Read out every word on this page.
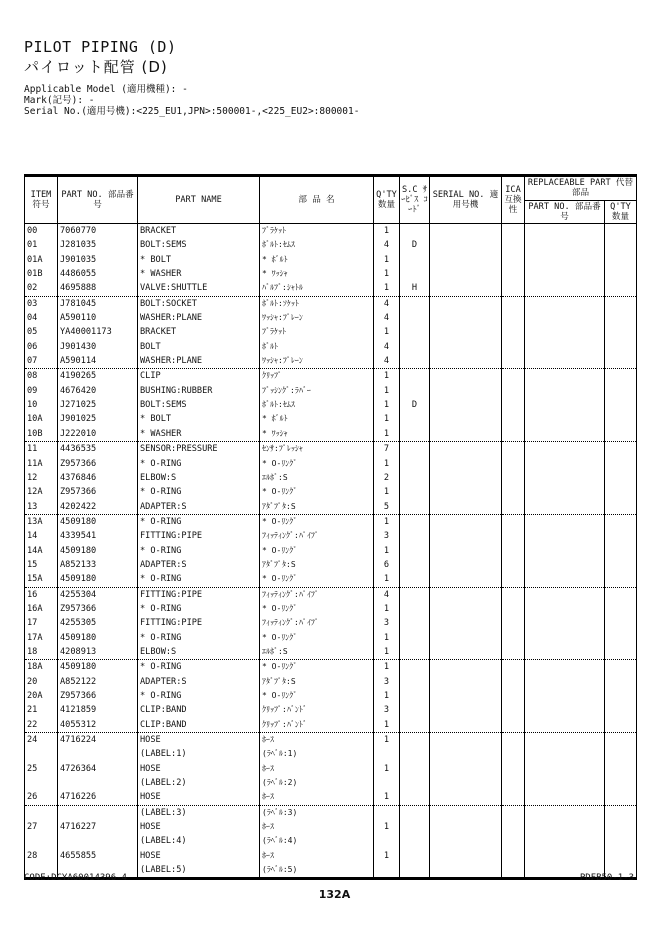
PILOT PIPING (D)
パイロット配管 (D)
Applicable Model (適用機種): -
Mark(記号): -
Serial No.(適用号機):<225_EU1,JPN>:500001-,<225_EU2>:800001-
ITEM 符号	PART NO. 部品番号	PART NAME	部 品 名	Q'TY 数量	S.C ｻｰﾋﾞｽ ｺｰﾄﾞ	SERIAL NO. 適用号機	ICA 互換性	REPLACEABLE PART 代替部品	
								PART NO. 部品番号	Q'TY 数量
00	7060770	BRACKET	ﾌﾞﾗｹｯﾄ	1					
01	J281035	BOLT:SEMS	ﾎﾞﾙﾄ:ｾﾑｽ	4	D				
01A	J901035	* BOLT	* ﾎﾞﾙﾄ	1					
01B	4486055	* WASHER	* ﾜｯｼｬ	1					
02	4695888	VALVE:SHUTTLE	ﾊﾞﾙﾌﾞ:ｼｬﾄﾙ	1	H				
03	J781045	BOLT:SOCKET	ﾎﾞﾙﾄ:ｿｹｯﾄ	4					
04	A590110	WASHER:PLANE	ﾜｯｼｬ:ﾌﾟﾚｰﾝ	4					
05	YA40001173	BRACKET	ﾌﾞﾗｹｯﾄ	1					
06	J901430	BOLT	ﾎﾞﾙﾄ	4					
07	A590114	WASHER:PLANE	ﾜｯｼｬ:ﾌﾟﾚｰﾝ	4					
08	4190265	CLIP	ｸﾘｯﾌﾟ	1					
09	4676420	BUSHING:RUBBER	ﾌﾞｯｼﾝｸﾞ:ﾗﾊﾞｰ	1					
10	J271025	BOLT:SEMS	ﾎﾞﾙﾄ:ｾﾑｽ	1	D				
10A	J901025	* BOLT	* ﾎﾞﾙﾄ	1					
10B	J222010	* WASHER	* ﾜｯｼｬ	1					
11	4436535	SENSOR:PRESSURE	ｾﾝｻ:ﾌﾟﾚｯｼｬ	7					
11A	Z957366	* O-RING	* O-ﾘﾝｸﾞ	1					
12	4376846	ELBOW:S	ｴﾙﾎﾞ:S	2					
12A	Z957366	* O-RING	* O-ﾘﾝｸﾞ	1					
13	4202422	ADAPTER:S	ｱﾀﾞﾌﾟﾀ:S	5					
13A	4509180	* O-RING	* O-ﾘﾝｸﾞ	1					
14	4339541	FITTING:PIPE	ﾌｨｯﾃｨﾝｸﾞ:ﾊﾟｲﾌﾟ	3					
14A	4509180	* O-RING	* O-ﾘﾝｸﾞ	1					
15	A852133	ADAPTER:S	ｱﾀﾞﾌﾟﾀ:S	6					
15A	4509180	* O-RING	* O-ﾘﾝｸﾞ	1					
16	4255304	FITTING:PIPE	ﾌｨｯﾃｨﾝｸﾞ:ﾊﾟｲﾌﾟ	4					
16A	Z957366	* O-RING	* O-ﾘﾝｸﾞ	1					
17	4255305	FITTING:PIPE	ﾌｨｯﾃｨﾝｸﾞ:ﾊﾟｲﾌﾟ	3					
17A	4509180	* O-RING	* O-ﾘﾝｸﾞ	1					
18	4208913	ELBOW:S	ｴﾙﾎﾞ:S	1					
18A	4509180	* O-RING	* O-ﾘﾝｸﾞ	1					
20	A852122	ADAPTER:S	ｱﾀﾞﾌﾟﾀ:S	3					
20A	Z957366	* O-RING	* O-ﾘﾝｸﾞ	1					
21	4121859	CLIP:BAND	ｸﾘｯﾌﾟ:ﾊﾞﾝﾄﾞ	3					
22	4055312	CLIP:BAND	ｸﾘｯﾌﾟ:ﾊﾞﾝﾄﾞ	1					
24	4716224	HOSE	ﾎｰｽ	1					
		(LABEL:1)	(ﾗﾍﾞﾙ:1)						
25	4726364	HOSE	ﾎｰｽ	1					
		(LABEL:2)	(ﾗﾍﾞﾙ:2)						
26	4716226	HOSE	ﾎｰｽ	1					
		(LABEL:3)	(ﾗﾍﾞﾙ:3)						
27	4716227	HOSE	ﾎｰｽ	1					
		(LABEL:4)	(ﾗﾍﾞﾙ:4)						
28	4655855	HOSE	ﾎｰｽ	1					
		(LABEL:5)	(ﾗﾍﾞﾙ:5)						
CODE:DCYA60014396-4	PDFB50-1-3
132A
